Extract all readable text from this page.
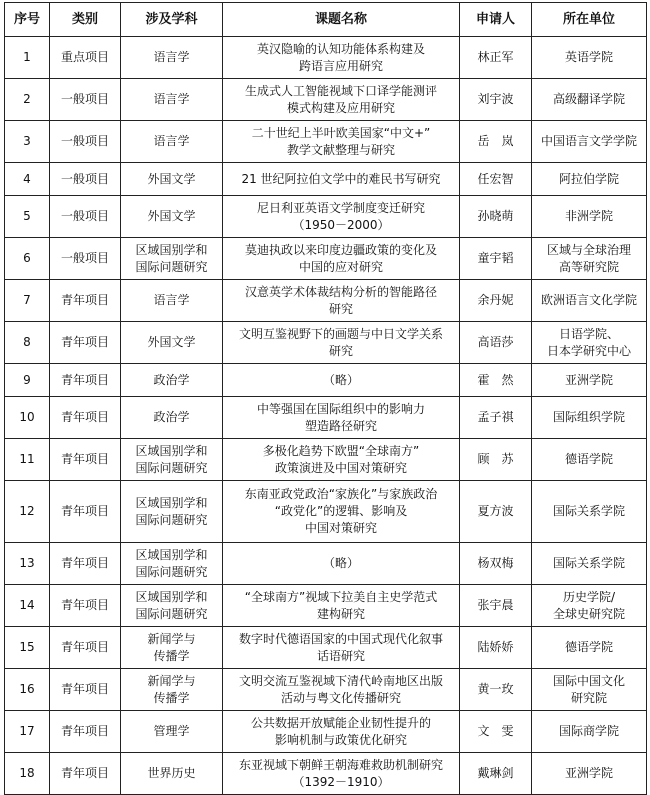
序号	类别	涉及学科	课题名称	申请人	所在单位
1	重点项目	语言学	英汉隐喻的认知功能体系构建及
跨语言应用研究	林正军	英语学院
2	一般项目	语言学	生成式人工智能视域下口译学能测评
模式构建及应用研究	刘宇波	高级翻译学院
3	一般项目	语言学	二十世纪上半叶欧美国家“中文+”
教学文献整理与研究	岳　岚	中国语言文学学院
4	一般项目	外国文学	21 世纪阿拉伯文学中的难民书写研究	任宏智	阿拉伯学院
5	一般项目	外国文学	尼日利亚英语文学制度变迁研究
（1950－2000）	孙晓萌	非洲学院
6	一般项目	区域国别学和
国际问题研究	莫迪执政以来印度边疆政策的变化及
中国的应对研究	童宇韬	区域与全球治理
高等研究院
7	青年项目	语言学	汉意英学术体裁结构分析的智能路径
研究	余丹妮	欧洲语言文化学院
8	青年项目	外国文学	文明互鉴视野下的画题与中日文学关系
研究	高语莎	日语学院、
日本学研究中心
9	青年项目	政治学	（略）	霍　然	亚洲学院
10	青年项目	政治学	中等强国在国际组织中的影响力
塑造路径研究	孟子祺	国际组织学院
11	青年项目	区域国别学和
国际问题研究	多极化趋势下欧盟“全球南方”
政策演进及中国对策研究	顾　苏	德语学院
12	青年项目	区域国别学和
国际问题研究	东南亚政党政治“家族化”与家族政治
“政党化”的逻辑、影响及
中国对策研究	夏方波	国际关系学院
13	青年项目	区域国别学和
国际问题研究	（略）	杨双梅	国际关系学院
14	青年项目	区域国别学和
国际问题研究	“全球南方”视域下拉美自主史学范式
建构研究	张宇晨	历史学院/
全球史研究院
15	青年项目	新闻学与
传播学	数字时代德语国家的中国式现代化叙事
话语研究	陆娇娇	德语学院
16	青年项目	新闻学与
传播学	文明交流互鉴视域下清代岭南地区出版
活动与粤文化传播研究	黄一玫	国际中国文化
研究院
17	青年项目	管理学	公共数据开放赋能企业韧性提升的
影响机制与政策优化研究	文　雯	国际商学院
18	青年项目	世界历史	东亚视域下朝鲜王朝海难救助机制研究
（1392－1910）	戴琳剑	亚洲学院
